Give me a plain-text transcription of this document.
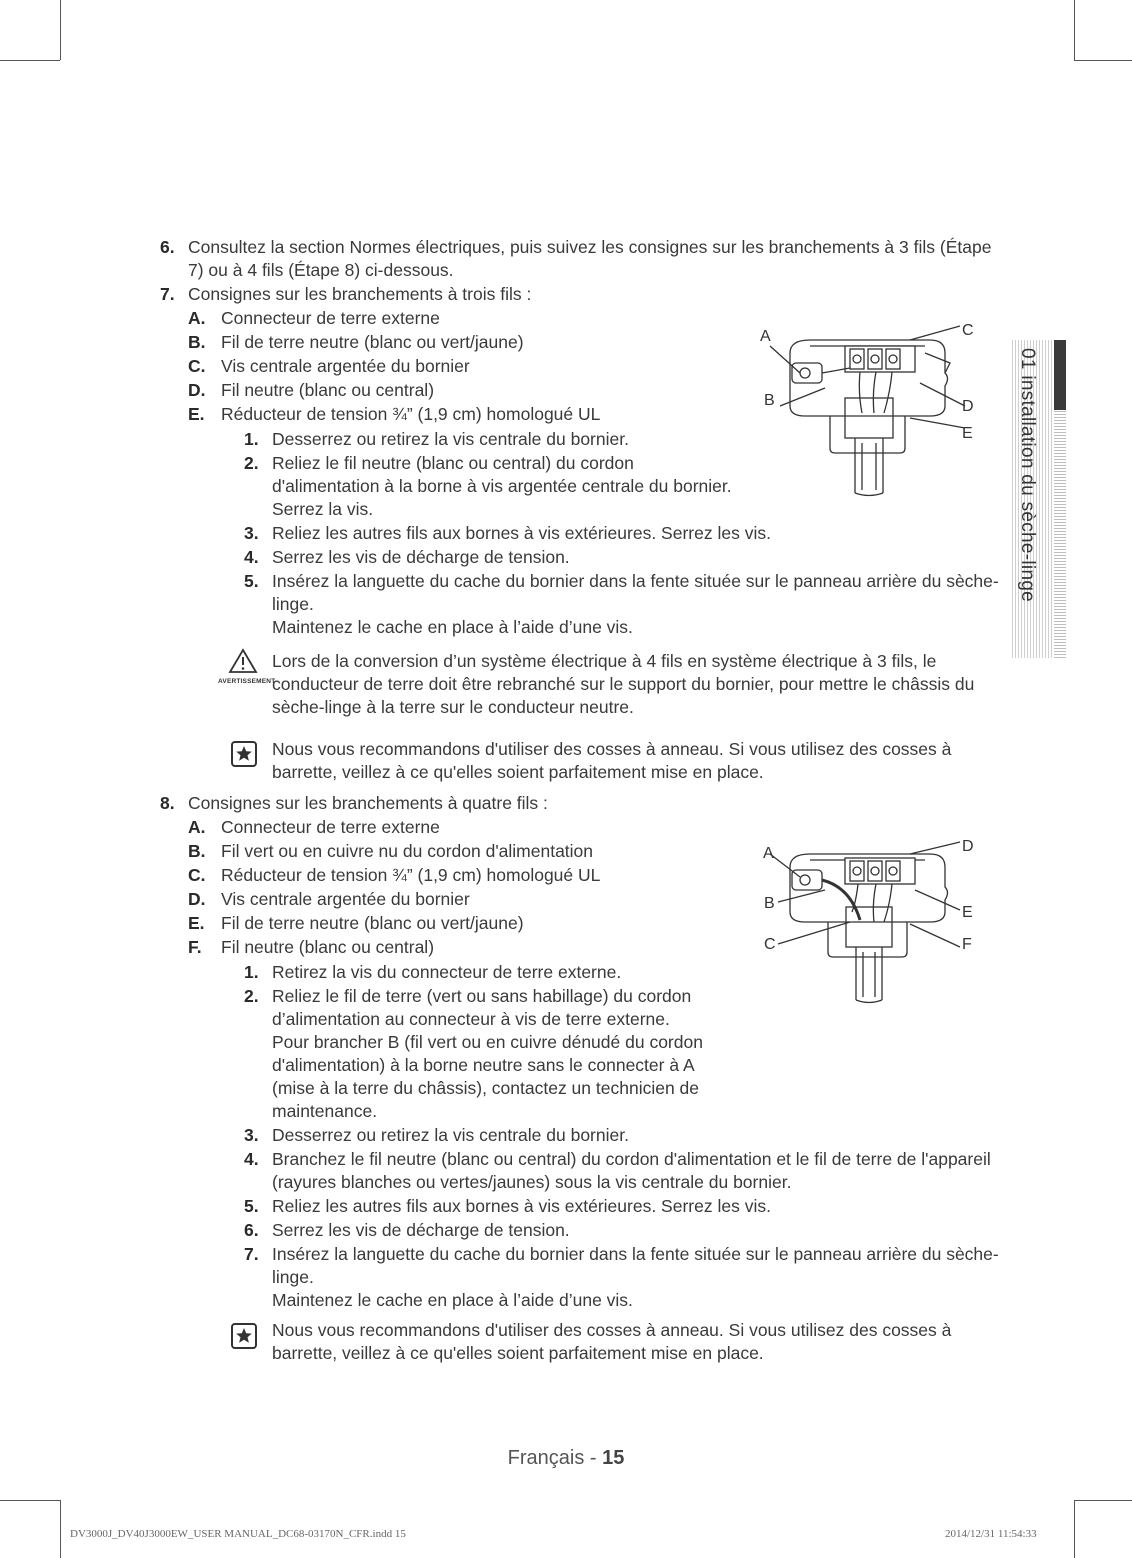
6. Consultez la section Normes électriques, puis suivez les consignes sur les branchements à 3 fils (Étape
7) ou à 4 fils (Étape 8) ci-dessous.
7. Consignes sur les branchements à trois fils :
A. Connecteur de terre externe
B. Fil de terre neutre (blanc ou vert/jaune)
C. Vis centrale argentée du bornier
D. Fil neutre (blanc ou central)
E. Réducteur de tension ¾” (1,9 cm) homologué UL
1. Desserrez ou retirez la vis centrale du bornier.
2. Reliez le fil neutre (blanc ou central) du cordon
d'alimentation à la borne à vis argentée centrale du bornier.
Serrez la vis.
3. Reliez les autres fils aux bornes à vis extérieures. Serrez les vis.
4. Serrez les vis de décharge de tension.
5. Insérez la languette du cache du bornier dans la fente située sur le panneau arrière du sèche-
linge.
Maintenez le cache en place à l’aide d’une vis.
A
B
C
D
E
AVERTISSEMENT
Lors de la conversion d’un système électrique à 4 fils en système électrique à 3 fils, le
conducteur de terre doit être rebranché sur le support du bornier, pour mettre le châssis du
sèche-linge à la terre sur le conducteur neutre.
Nous vous recommandons d'utiliser des cosses à anneau. Si vous utilisez des cosses à
barrette, veillez à ce qu'elles soient parfaitement mise en place.
8. Consignes sur les branchements à quatre fils :
A. Connecteur de terre externe
B. Fil vert ou en cuivre nu du cordon d'alimentation
C. Réducteur de tension ¾” (1,9 cm) homologué UL
D. Vis centrale argentée du bornier
E. Fil de terre neutre (blanc ou vert/jaune)
F. Fil neutre (blanc ou central)
1. Retirez la vis du connecteur de terre externe.
2. Reliez le fil de terre (vert ou sans habillage) du cordon
d’alimentation au connecteur à vis de terre externe.
Pour brancher B (fil vert ou en cuivre dénudé du cordon
d'alimentation) à la borne neutre sans le connecter à A
(mise à la terre du châssis), contactez un technicien de
maintenance.
3. Desserrez ou retirez la vis centrale du bornier.
4. Branchez le fil neutre (blanc ou central) du cordon d'alimentation et le fil de terre de l'appareil
(rayures blanches ou vertes/jaunes) sous la vis centrale du bornier.
5. Reliez les autres fils aux bornes à vis extérieures. Serrez les vis.
6. Serrez les vis de décharge de tension.
7. Insérez la languette du cache du bornier dans la fente située sur le panneau arrière du sèche-
linge.
Maintenez le cache en place à l’aide d’une vis.
A
B
C
D
E
F
Nous vous recommandons d'utiliser des cosses à anneau. Si vous utilisez des cosses à
barrette, veillez à ce qu'elles soient parfaitement mise en place.
01 installation du sèche-linge
Français - 15
DV3000J_DV40J3000EW_USER MANUAL_DC68-03170N_CFR.indd 15	2014/12/31 11:54:33
